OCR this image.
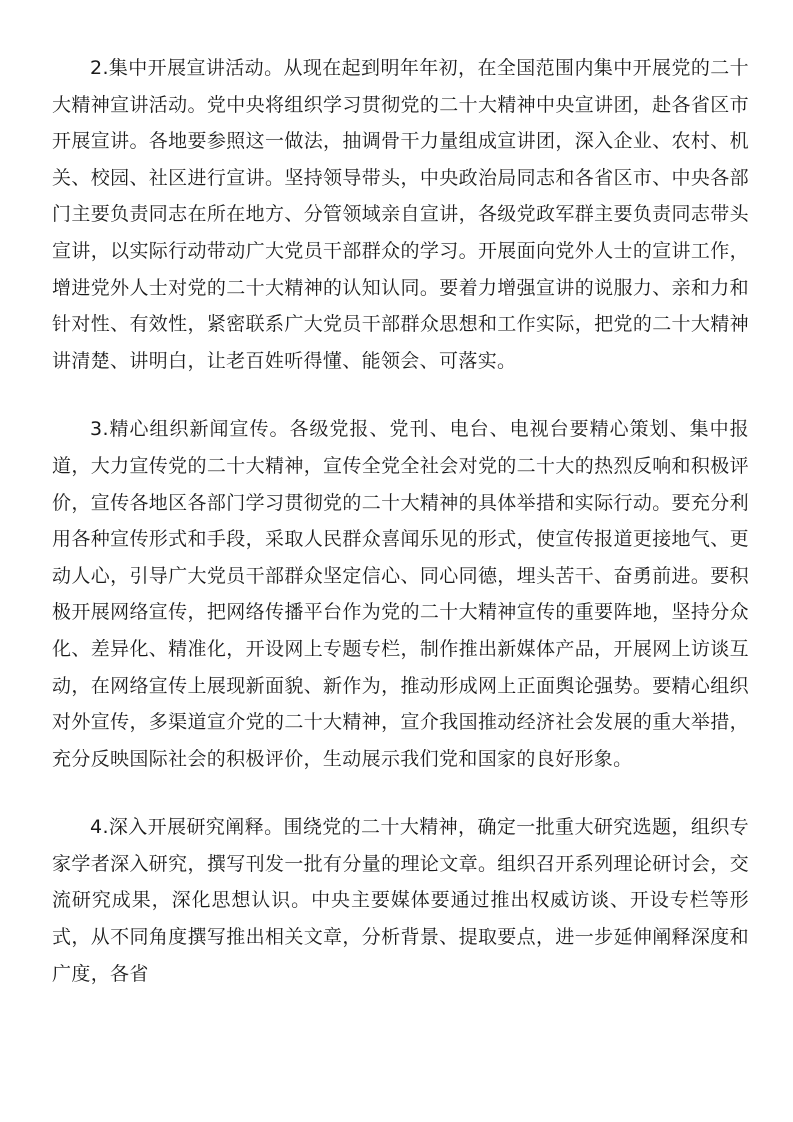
2.集中开展宣讲活动。从现在起到明年年初，在全国范围内集中开展党的二十大精神宣讲活动。党中央将组织学习贯彻党的二十大精神中央宣讲团，赴各省区市开展宣讲。各地要参照这一做法，抽调骨干力量组成宣讲团，深入企业、农村、机关、校园、社区进行宣讲。坚持领导带头，中央政治局同志和各省区市、中央各部门主要负责同志在所在地方、分管领域亲自宣讲，各级党政军群主要负责同志带头宣讲，以实际行动带动广大党员干部群众的学习。开展面向党外人士的宣讲工作，增进党外人士对党的二十大精神的认知认同。要着力增强宣讲的说服力、亲和力和针对性、有效性，紧密联系广大党员干部群众思想和工作实际，把党的二十大精神讲清楚、讲明白，让老百姓听得懂、能领会、可落实。

3.精心组织新闻宣传。各级党报、党刊、电台、电视台要精心策划、集中报道，大力宣传党的二十大精神，宣传全党全社会对党的二十大的热烈反响和积极评价，宣传各地区各部门学习贯彻党的二十大精神的具体举措和实际行动。要充分利用各种宣传形式和手段，采取人民群众喜闻乐见的形式，使宣传报道更接地气、更动人心，引导广大党员干部群众坚定信心、同心同德，埋头苦干、奋勇前进。要积极开展网络宣传，把网络传播平台作为党的二十大精神宣传的重要阵地，坚持分众化、差异化、精准化，开设网上专题专栏，制作推出新媒体产品，开展网上访谈互动，在网络宣传上展现新面貌、新作为，推动形成网上正面舆论强势。要精心组织对外宣传，多渠道宣介党的二十大精神，宣介我国推动经济社会发展的重大举措，充分反映国际社会的积极评价，生动展示我们党和国家的良好形象。

4.深入开展研究阐释。围绕党的二十大精神，确定一批重大研究选题，组织专家学者深入研究，撰写刊发一批有分量的理论文章。组织召开系列理论研讨会，交流研究成果，深化思想认识。中央主要媒体要通过推出权威访谈、开设专栏等形式，从不同角度撰写推出相关文章，分析背景、提取要点，进一步延伸阐释深度和广度，各省
